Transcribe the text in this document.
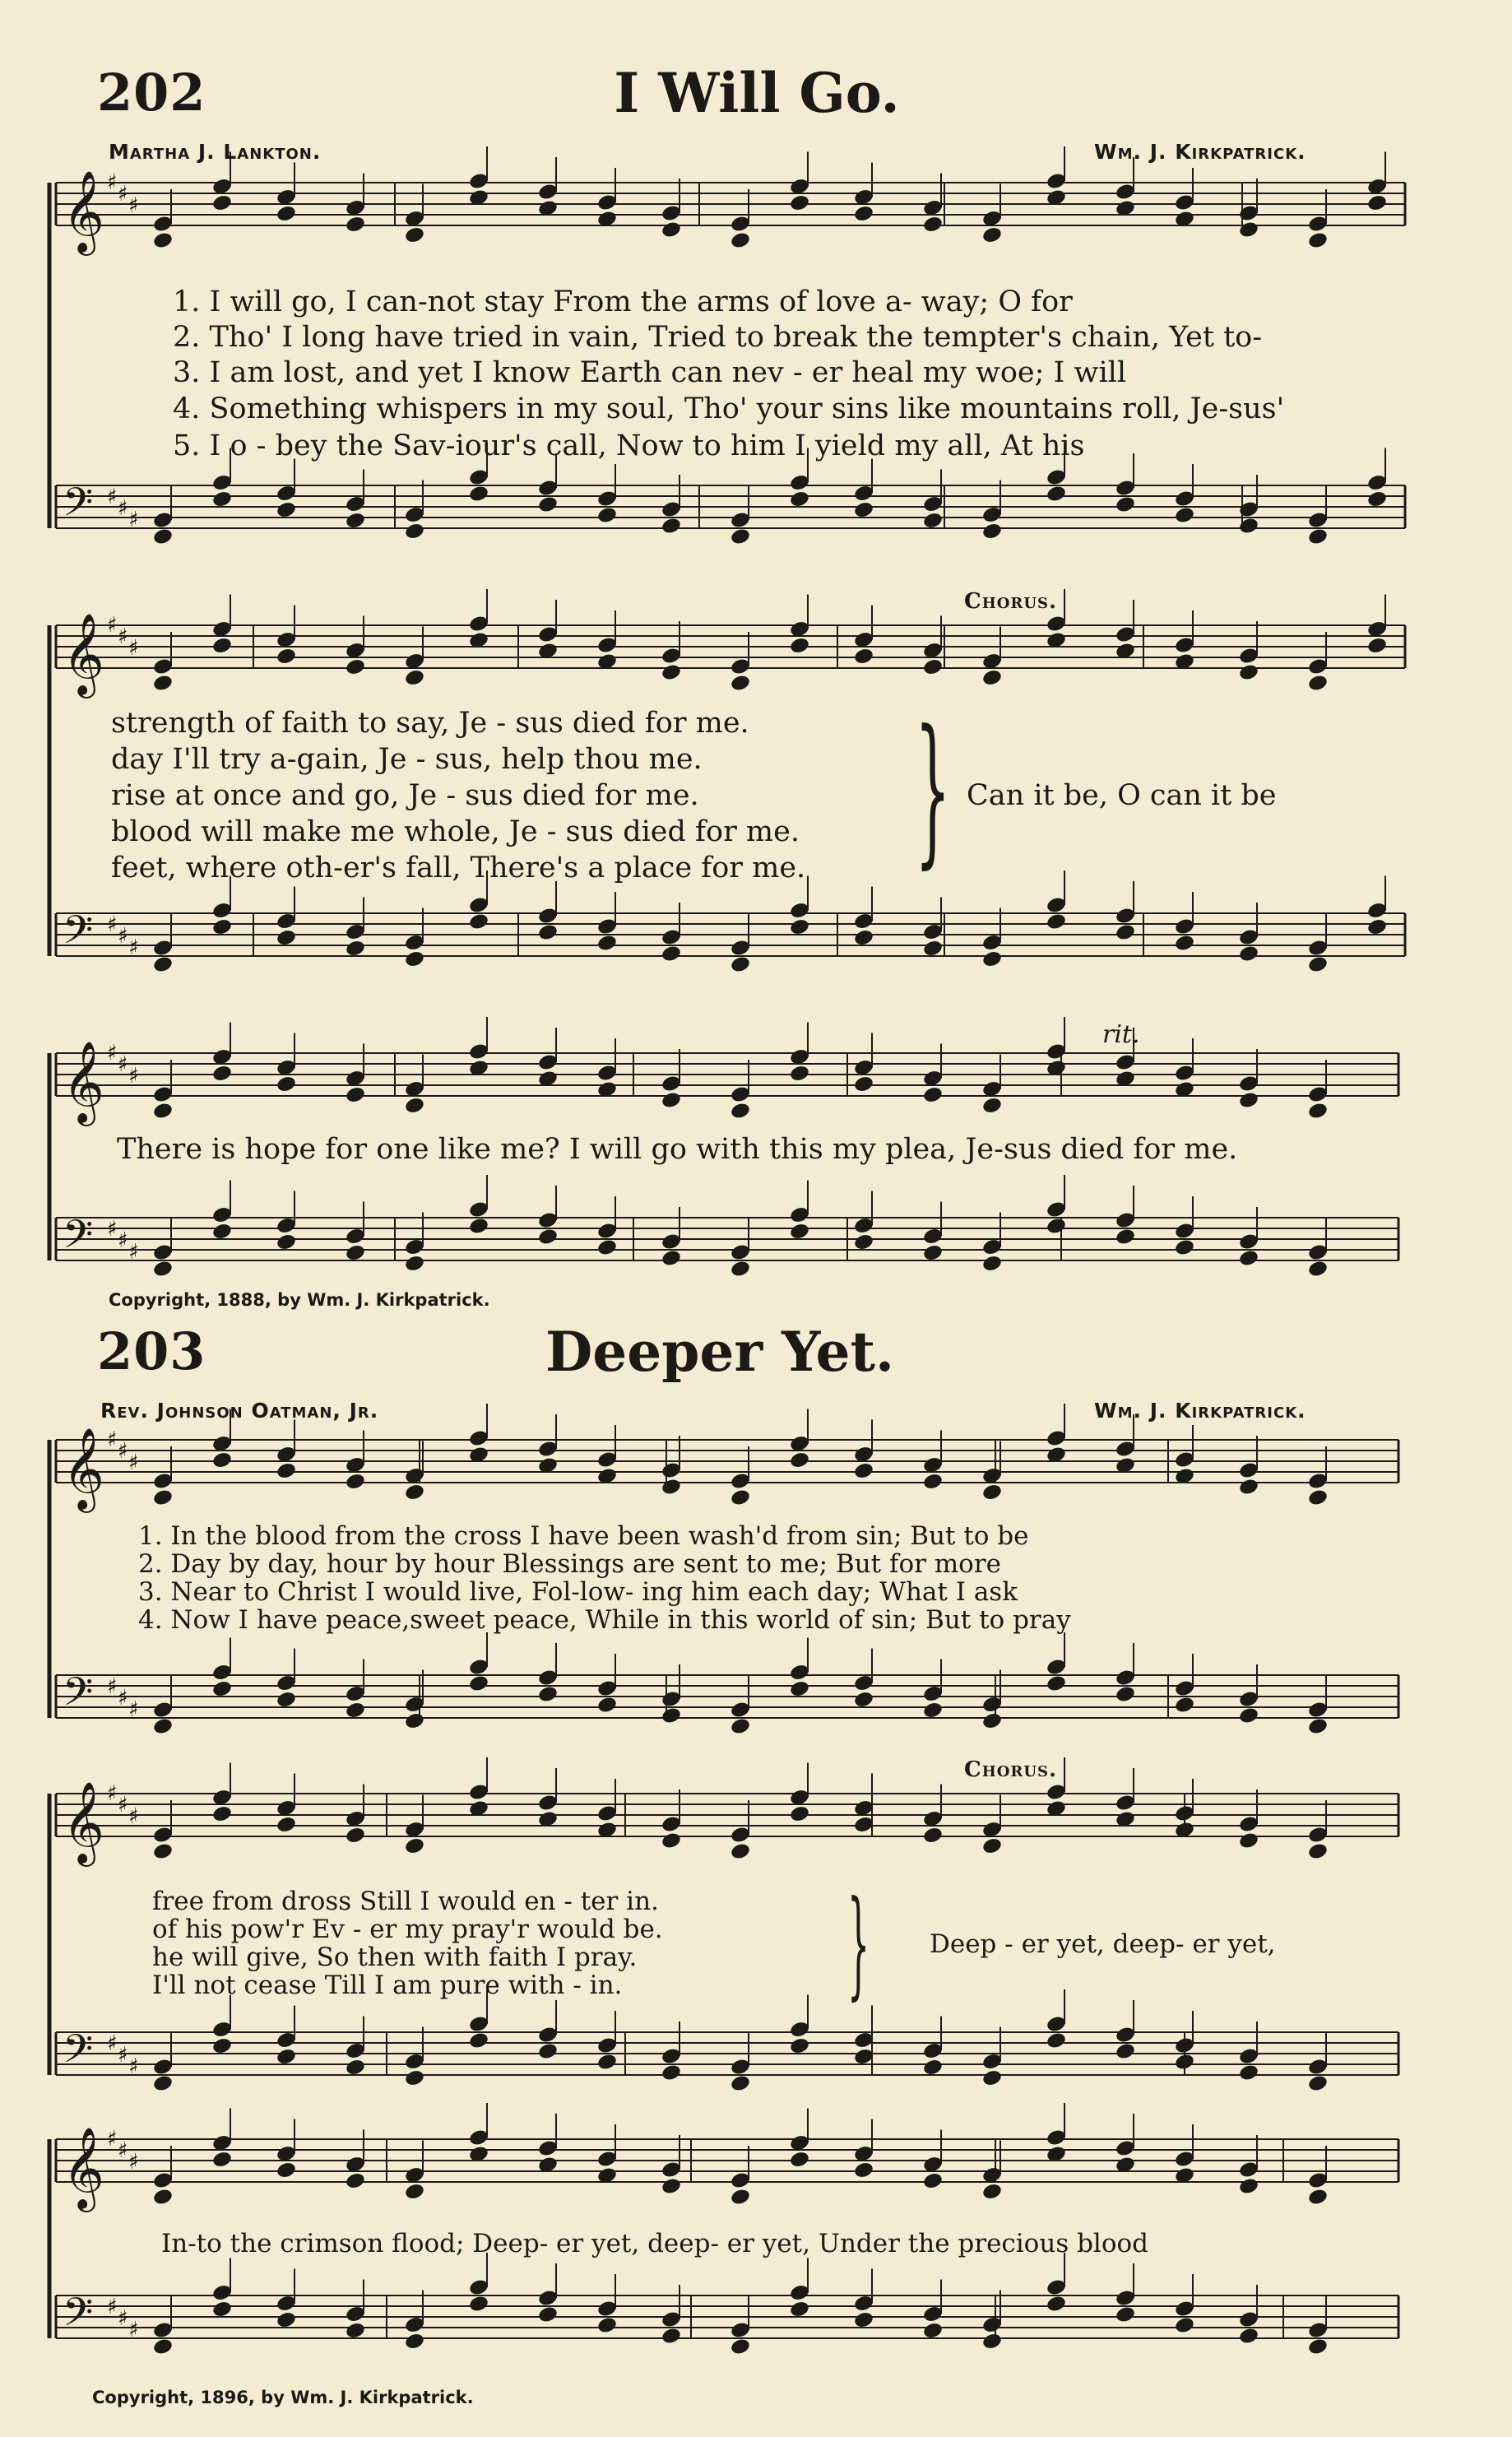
𝄞 ♯ ♯ ♯
𝄢 ♯ ♯ ♯
𝄞 ♯ ♯ ♯
𝄢 ♯ ♯ ♯
𝄞 ♯ ♯ ♯
𝄢 ♯ ♯ ♯
𝄞 ♯ ♯ ♯
𝄢 ♯ ♯ ♯
𝄞 ♯ ♯ ♯
𝄢 ♯ ♯ ♯
𝄞 ♯ ♯ ♯
𝄢 ♯ ♯ ♯
202	I Will Go.
Martha J. Lankton.	Wm. J. Kirkpatrick.
1. I will go, I can-not stay From the arms of love a- way; O for
2. Tho' I long have tried in vain, Tried to break the tempter's chain, Yet to-
3. I am lost, and yet I know Earth can nev - er heal my woe; I will
4. Something whispers in my soul, Tho' your sins like mountains roll, Je-sus'
5. I o - bey the Sav-iour's call, Now to him I yield my all, At his
Chorus.
strength of faith to say, Je - sus died for me.
day I'll try a-gain, Je - sus, help thou me.
rise at once and go, Je - sus died for me.
blood will make me whole, Je - sus died for me.
feet, where oth-er's fall, There's a place for me. } Can it be, O can it be
rit.
There is hope for one like me? I will go with this my plea, Je-sus died for me.
Copyright, 1888, by Wm. J. Kirkpatrick.
203	Deeper Yet.
Rev. Johnson Oatman, Jr.	Wm. J. Kirkpatrick.
1. In the blood from the cross I have been wash'd from sin; But to be
2. Day by day, hour by hour Blessings are sent to me; But for more
3. Near to Christ I would live, Fol-low- ing him each day; What I ask
4. Now I have peace,sweet peace, While in this world of sin; But to pray
Chorus.
free from dross Still I would en - ter in.
of his pow'r Ev - er my pray'r would be.
he will give, So then with faith I pray.
I'll not cease Till I am pure with - in. } Deep - er yet, deep- er yet,
In-to the crimson flood; Deep- er yet, deep- er yet, Under the precious blood
Copyright, 1896, by Wm. J. Kirkpatrick.
